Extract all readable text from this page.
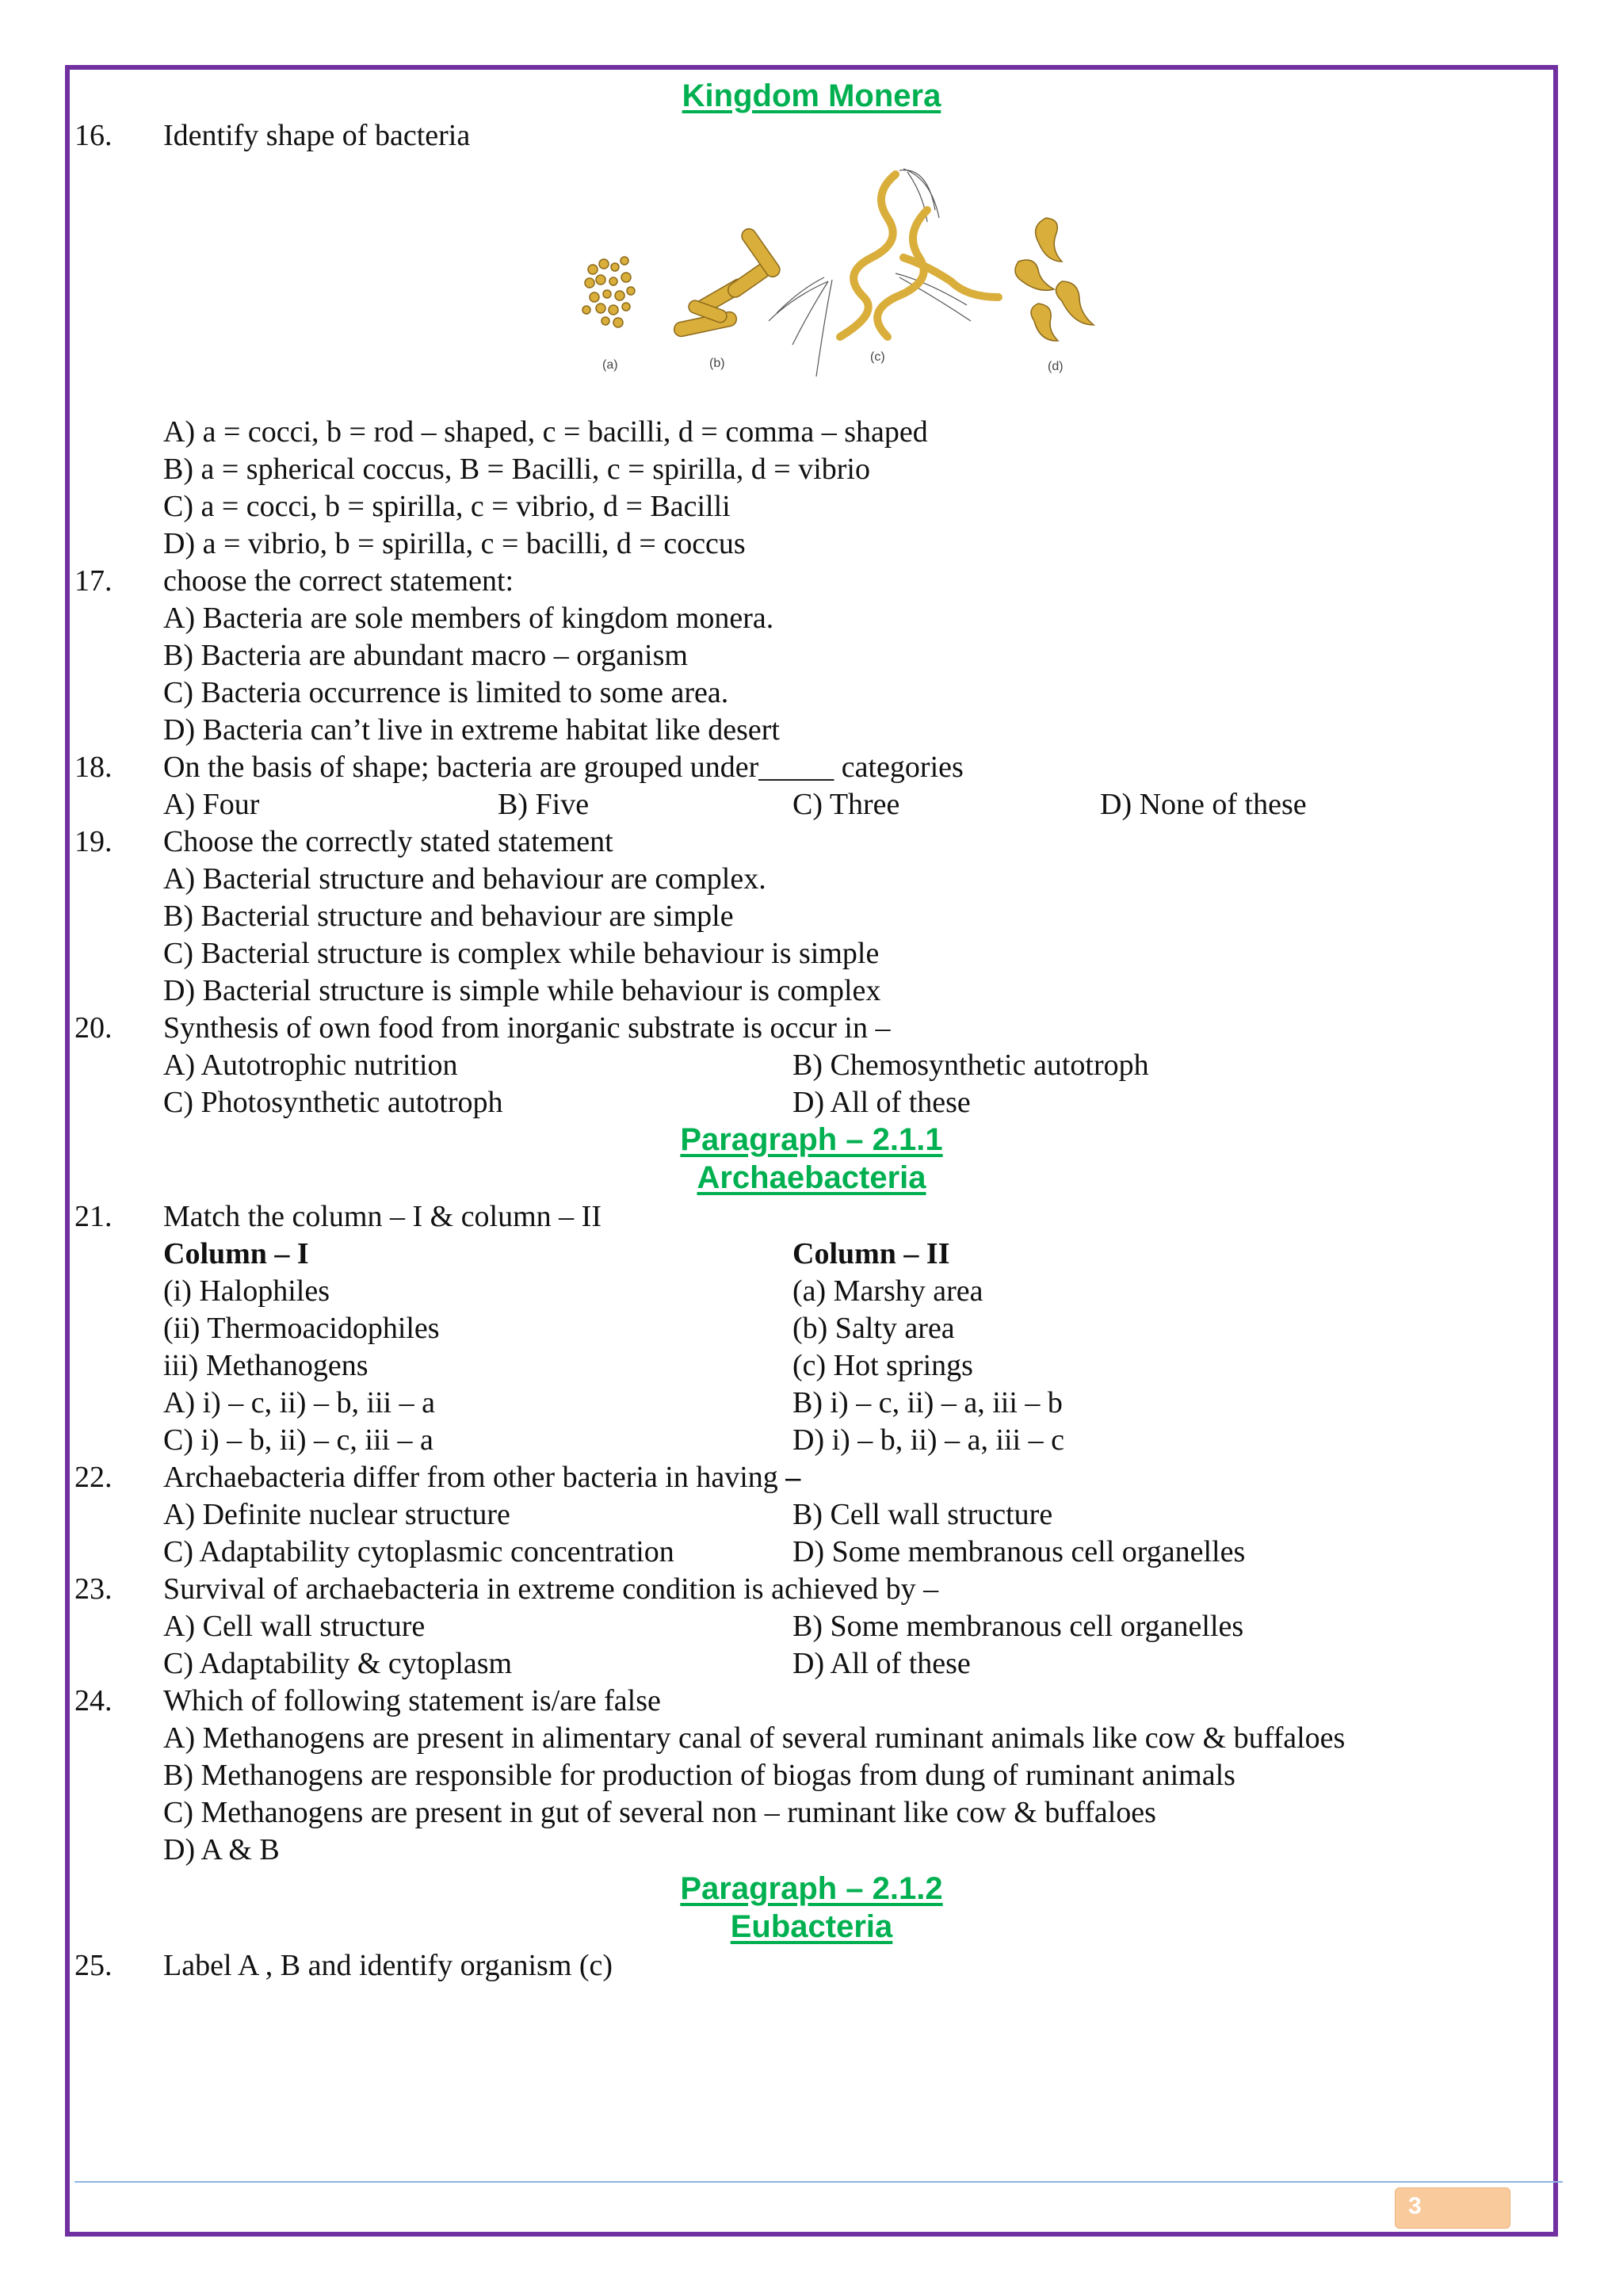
Kingdom Monera
16. Identify shape of bacteria
(a)	(b)	(c)
(d)
A) a = cocci, b = rod – shaped, c = bacilli, d = comma – shaped
B) a = spherical coccus, B = Bacilli, c = spirilla, d = vibrio
C) a = cocci, b = spirilla, c = vibrio, d = Bacilli
D) a = vibrio, b = spirilla, c = bacilli, d = coccus
17. choose the correct statement:
A) Bacteria are sole members of kingdom monera.
B) Bacteria are abundant macro – organism
C) Bacteria occurrence is limited to some area.
D) Bacteria can’t live in extreme habitat like desert
18. On the basis of shape; bacteria are grouped under_____ categories
A) Four	B) Five	C) Three	D) None of these
19. Choose the correctly stated statement
A) Bacterial structure and behaviour are complex.
B) Bacterial structure and behaviour are simple
C) Bacterial structure is complex while behaviour is simple
D) Bacterial structure is simple while behaviour is complex
20. Synthesis of own food from inorganic substrate is occur in –
A) Autotrophic nutrition	B) Chemosynthetic autotroph
C) Photosynthetic autotroph	D) All of these
Paragraph – 2.1.1
Archaebacteria
21. Match the column – I & column – II
Column – I	Column – II
(i) Halophiles	(a) Marshy area
(ii) Thermoacidophiles	(b) Salty area
iii) Methanogens	(c) Hot springs
A) i) – c, ii) – b, iii – a	B) i) – c, ii) – a, iii – b
C) i) – b, ii) – c, iii – a	D) i) – b, ii) – a, iii – c
22. Archaebacteria differ from other bacteria in having –
A) Definite nuclear structure	B) Cell wall structure
C) Adaptability cytoplasmic concentration	D) Some membranous cell organelles
23. Survival of archaebacteria in extreme condition is achieved by –
A) Cell wall structure	B) Some membranous cell organelles
C) Adaptability & cytoplasm	D) All of these
24. Which of following statement is/are false
A) Methanogens are present in alimentary canal of several ruminant animals like cow & buffaloes
B) Methanogens are responsible for production of biogas from dung of ruminant animals
C) Methanogens are present in gut of several non – ruminant like cow & buffaloes
D) A & B
Paragraph – 2.1.2
Eubacteria
25. Label A , B and identify organism (c)
3
